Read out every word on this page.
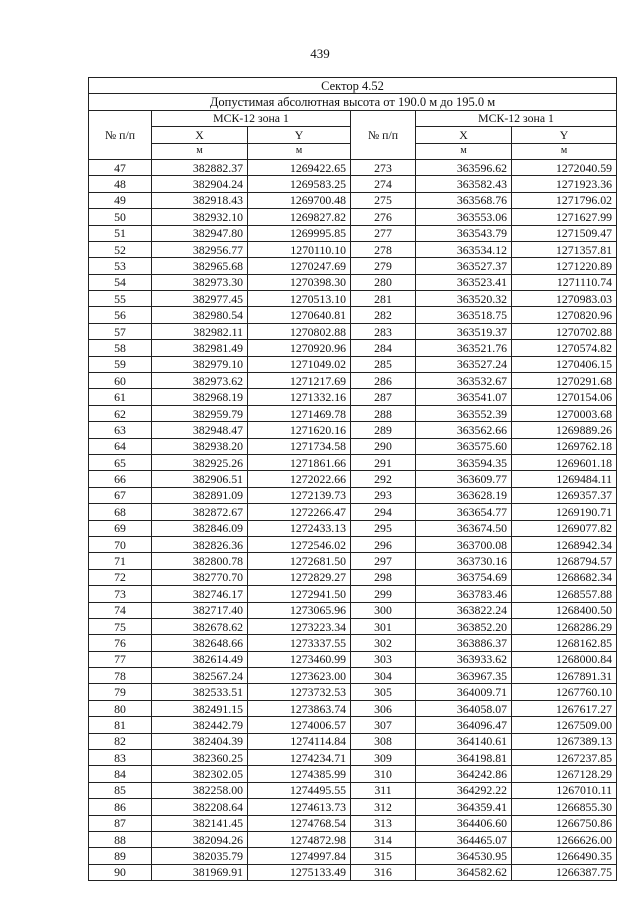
439
Сектор 4.52					
Допустимая абсолютная высота от 190.0 м до 195.0 м					
№ п/п	МСК-12 зона 1		№ п/п	МСК-12 зона 1	
	X	Y		X	Y
	м	м		м	м
47	382882.37	1269422.65	273	363596.62	1272040.59
48	382904.24	1269583.25	274	363582.43	1271923.36
49	382918.43	1269700.48	275	363568.76	1271796.02
50	382932.10	1269827.82	276	363553.06	1271627.99
51	382947.80	1269995.85	277	363543.79	1271509.47
52	382956.77	1270110.10	278	363534.12	1271357.81
53	382965.68	1270247.69	279	363527.37	1271220.89
54	382973.30	1270398.30	280	363523.41	1271110.74
55	382977.45	1270513.10	281	363520.32	1270983.03
56	382980.54	1270640.81	282	363518.75	1270820.96
57	382982.11	1270802.88	283	363519.37	1270702.88
58	382981.49	1270920.96	284	363521.76	1270574.82
59	382979.10	1271049.02	285	363527.24	1270406.15
60	382973.62	1271217.69	286	363532.67	1270291.68
61	382968.19	1271332.16	287	363541.07	1270154.06
62	382959.79	1271469.78	288	363552.39	1270003.68
63	382948.47	1271620.16	289	363562.66	1269889.26
64	382938.20	1271734.58	290	363575.60	1269762.18
65	382925.26	1271861.66	291	363594.35	1269601.18
66	382906.51	1272022.66	292	363609.77	1269484.11
67	382891.09	1272139.73	293	363628.19	1269357.37
68	382872.67	1272266.47	294	363654.77	1269190.71
69	382846.09	1272433.13	295	363674.50	1269077.82
70	382826.36	1272546.02	296	363700.08	1268942.34
71	382800.78	1272681.50	297	363730.16	1268794.57
72	382770.70	1272829.27	298	363754.69	1268682.34
73	382746.17	1272941.50	299	363783.46	1268557.88
74	382717.40	1273065.96	300	363822.24	1268400.50
75	382678.62	1273223.34	301	363852.20	1268286.29
76	382648.66	1273337.55	302	363886.37	1268162.85
77	382614.49	1273460.99	303	363933.62	1268000.84
78	382567.24	1273623.00	304	363967.35	1267891.31
79	382533.51	1273732.53	305	364009.71	1267760.10
80	382491.15	1273863.74	306	364058.07	1267617.27
81	382442.79	1274006.57	307	364096.47	1267509.00
82	382404.39	1274114.84	308	364140.61	1267389.13
83	382360.25	1274234.71	309	364198.81	1267237.85
84	382302.05	1274385.99	310	364242.86	1267128.29
85	382258.00	1274495.55	311	364292.22	1267010.11
86	382208.64	1274613.73	312	364359.41	1266855.30
87	382141.45	1274768.54	313	364406.60	1266750.86
88	382094.26	1274872.98	314	364465.07	1266626.00
89	382035.79	1274997.84	315	364530.95	1266490.35
90	381969.91	1275133.49	316	364582.62	1266387.75
